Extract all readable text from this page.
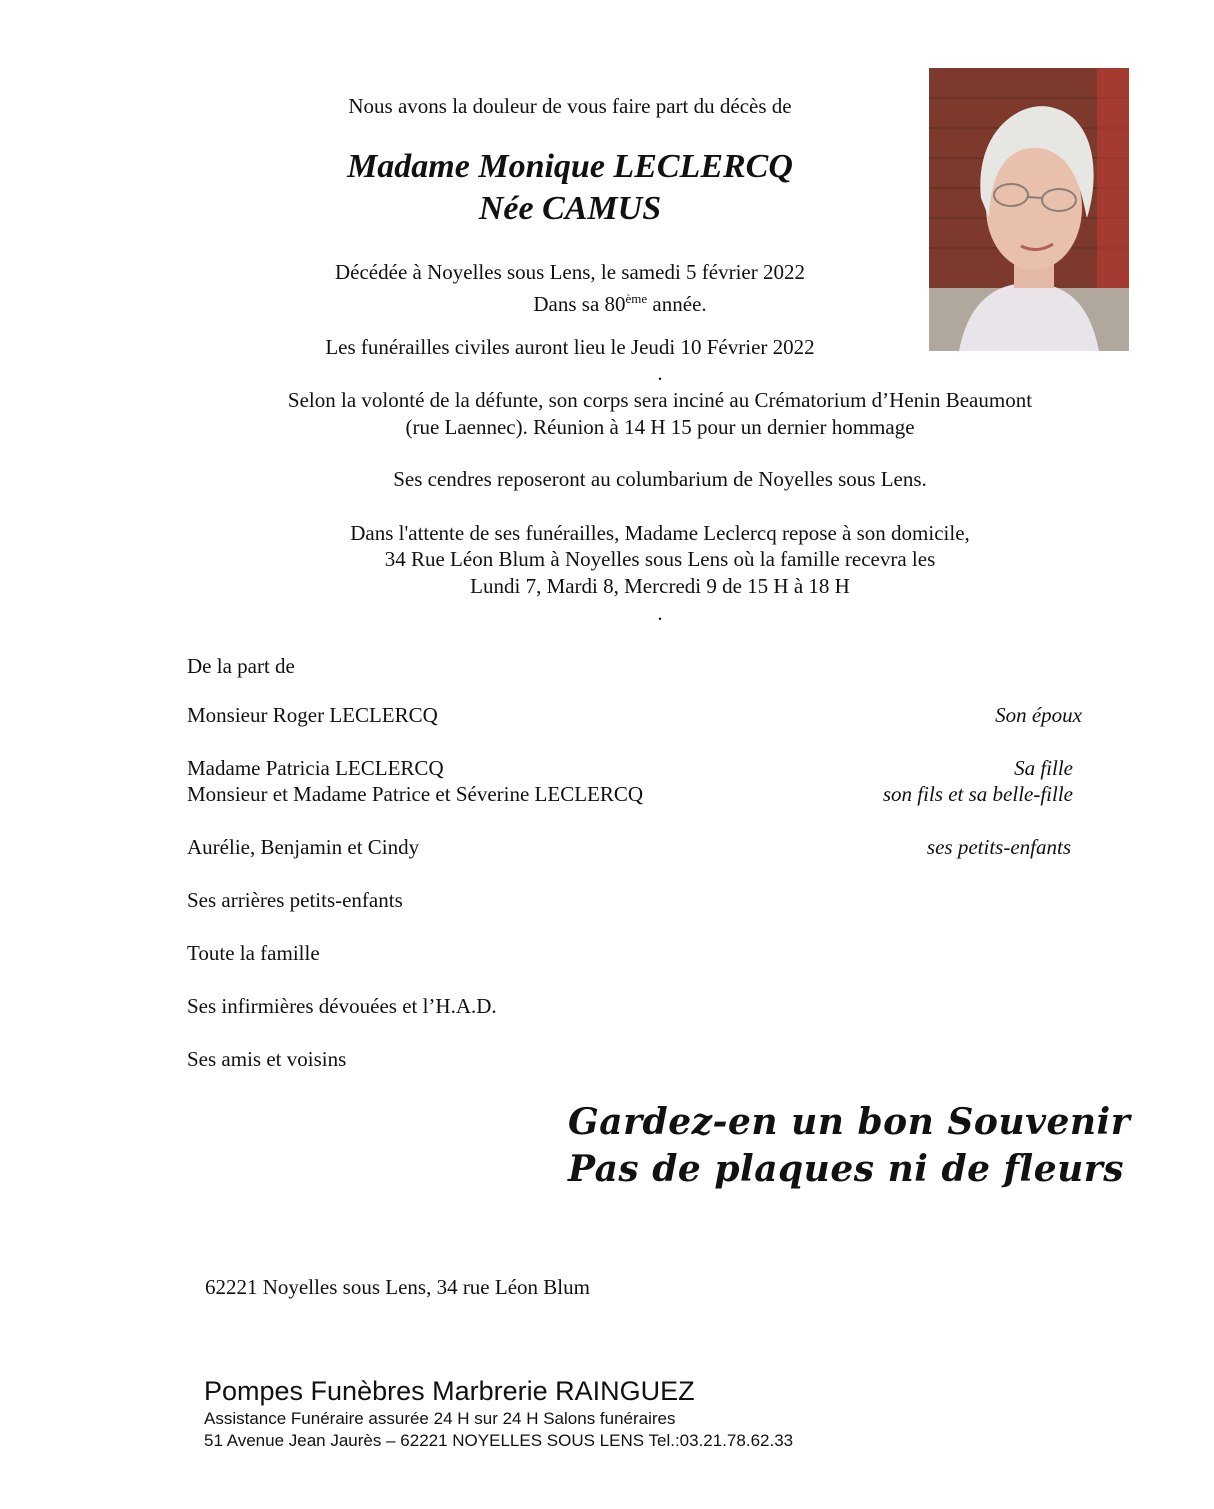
Nous avons la douleur de vous faire part du décès de
Madame Monique LECLERCQ
Née CAMUS
Décédée à Noyelles sous Lens, le samedi 5 février 2022
Dans sa 80ème année.
Les funérailles civiles auront lieu le Jeudi 10 Février 2022
.
Selon la volonté de la défunte, son corps sera inciné au Crématorium d’Henin Beaumont
(rue Laennec). Réunion à 14 H 15 pour un dernier hommage
Ses cendres reposeront au columbarium de Noyelles sous Lens.
Dans l'attente de ses funérailles, Madame Leclercq repose à son domicile,
34 Rue Léon Blum à Noyelles sous Lens où la famille recevra les
Lundi 7, Mardi 8, Mercredi 9 de 15 H à 18 H
.
De la part de
Monsieur Roger LECLERCQ	Son époux
Madame Patricia LECLERCQ	Sa fille
Monsieur et Madame Patrice et Séverine LECLERCQ	son fils et sa belle-fille
Aurélie, Benjamin et Cindy	ses petits-enfants
Ses arrières petits-enfants
Toute la famille
Ses infirmières dévouées et l’H.A.D.
Ses amis et voisins
Gardez-en un bon Souvenir
Pas de plaques ni de fleurs
62221 Noyelles sous Lens, 34 rue Léon Blum
Pompes Funèbres Marbrerie RAINGUEZ
Assistance Funéraire assurée 24 H sur 24 H Salons funéraires
51 Avenue Jean Jaurès – 62221 NOYELLES SOUS LENS Tel.:03.21.78.62.33
